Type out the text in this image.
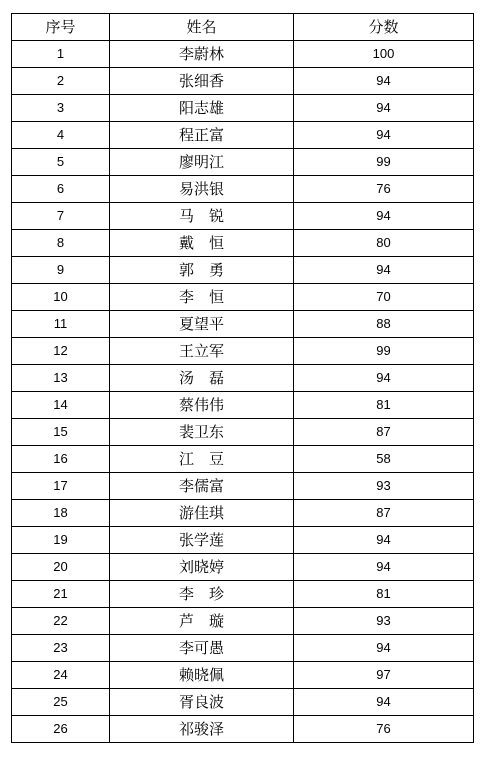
序号	姓名	分数
1	李蔚林	100
2	张细香	94
3	阳志雄	94
4	程正富	94
5	廖明江	99
6	易洪银	76
7	马　锐	94
8	戴　恒	80
9	郭　勇	94
10	李　恒	70
11	夏望平	88
12	王立军	99
13	汤　磊	94
14	蔡伟伟	81
15	裴卫东	87
16	江　豆	58
17	李儒富	93
18	游佳琪	87
19	张学莲	94
20	刘晓婷	94
21	李　珍	81
22	芦　璇	93
23	李可愚	94
24	赖晓佩	97
25	胥良波	94
26	祁骏泽	76
